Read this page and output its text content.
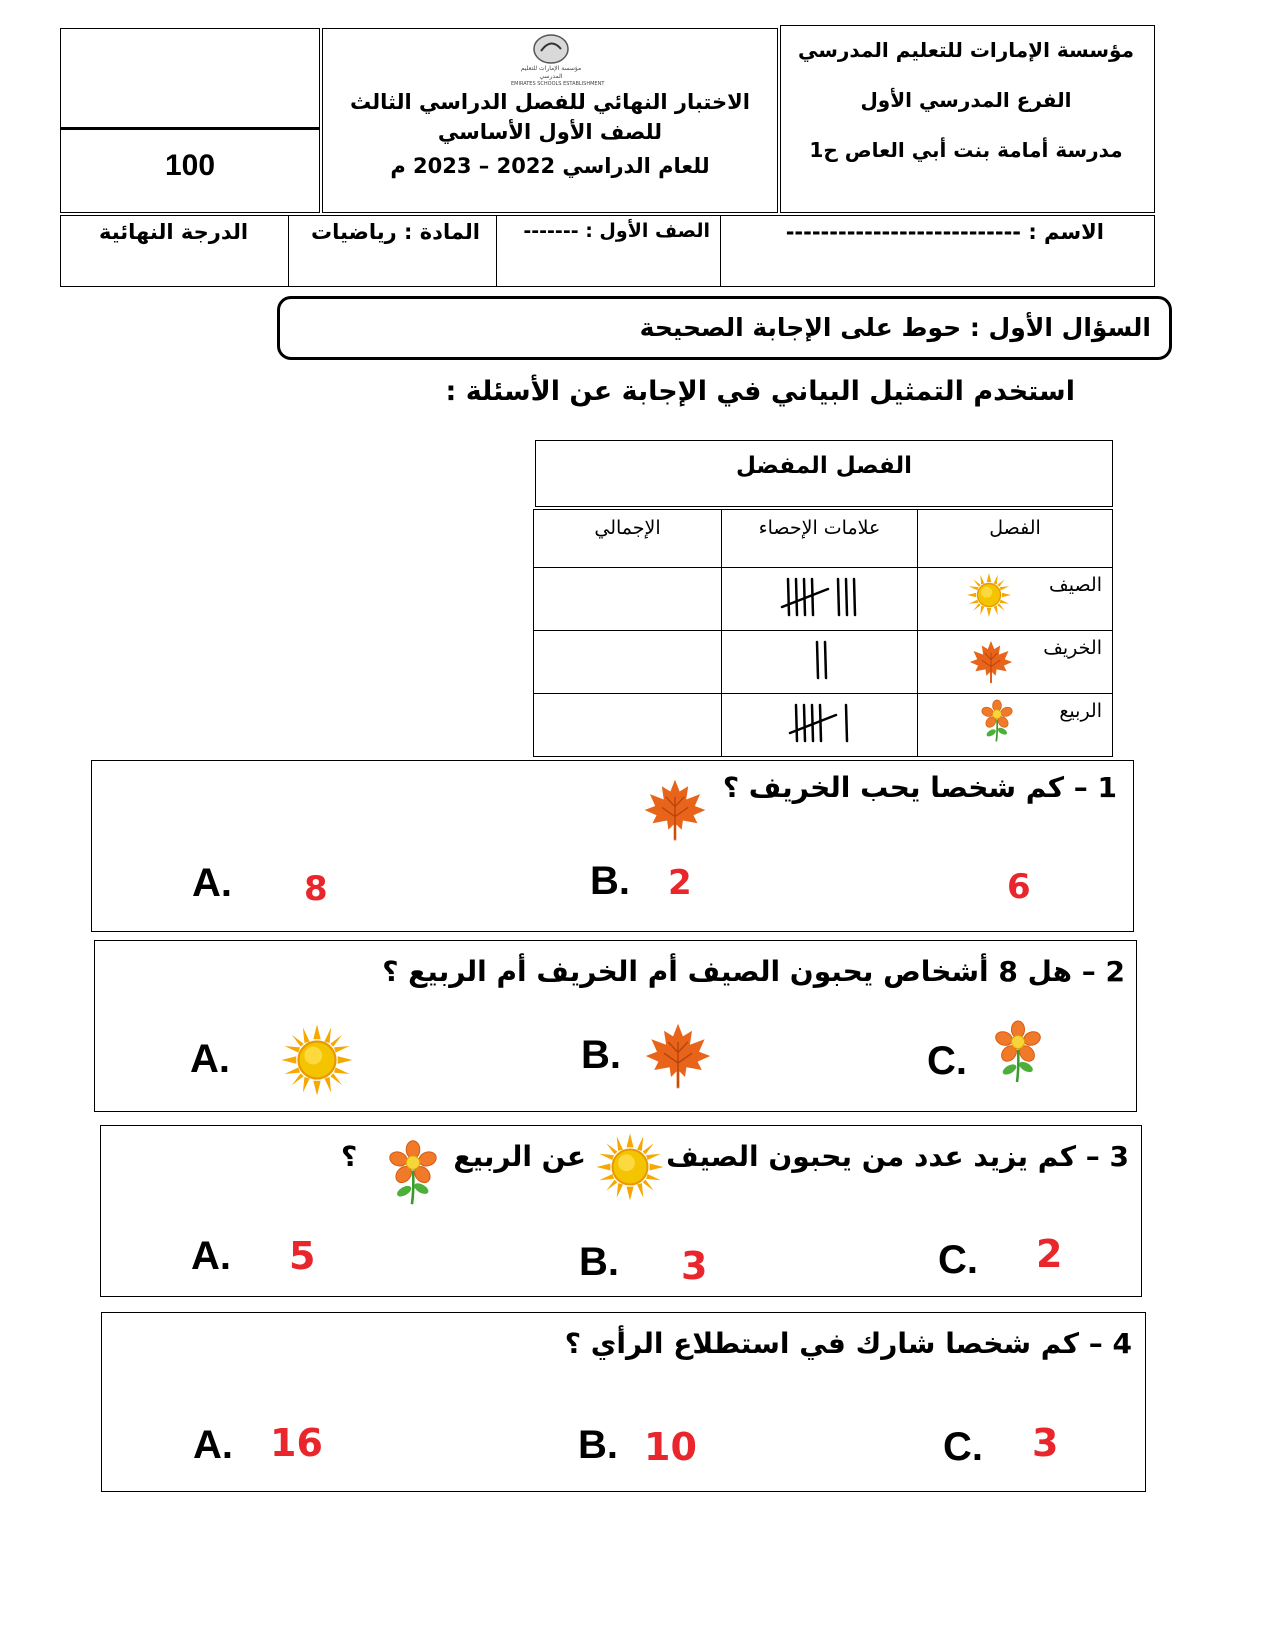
100
مؤسسة الإمارات للتعليم المدرسي
EMIRATES SCHOOLS ESTABLISHMENT
الاختبار النهائي للفصل الدراسي الثالث للصف الأول الأساسي
للعام الدراسي 2022 – 2023 م
مؤسسة الإمارات للتعليم المدرسي
الفرع المدرسي الأول
مدرسة أمامة بنت أبي العاص ح1
الاسم : ---------------------------
الصف الأول : -------
المادة : رياضيات
الدرجة النهائية
السؤال الأول : حوط على الإجابة الصحيحة
استخدم التمثيل البياني في الإجابة عن الأسئلة :
الفصل المفضل
الفصل	علامات الإحصاء	الإجمالي

الصيف

الخريف

الربيع

1 – كم شخصا يحب الخريف ؟
A. 8	B. 2	6
2 – هل 8 أشخاص يحبون الصيف أم الخريف أم الربيع ؟
A.	B.	C.
3 – كم يزيد عدد من يحبون الصيف
عن الربيع
؟
A. 5	B. 3	C. 2
4 – كم شخصا شارك في استطلاع الرأي ؟
A. 16	B. 10	C. 3
